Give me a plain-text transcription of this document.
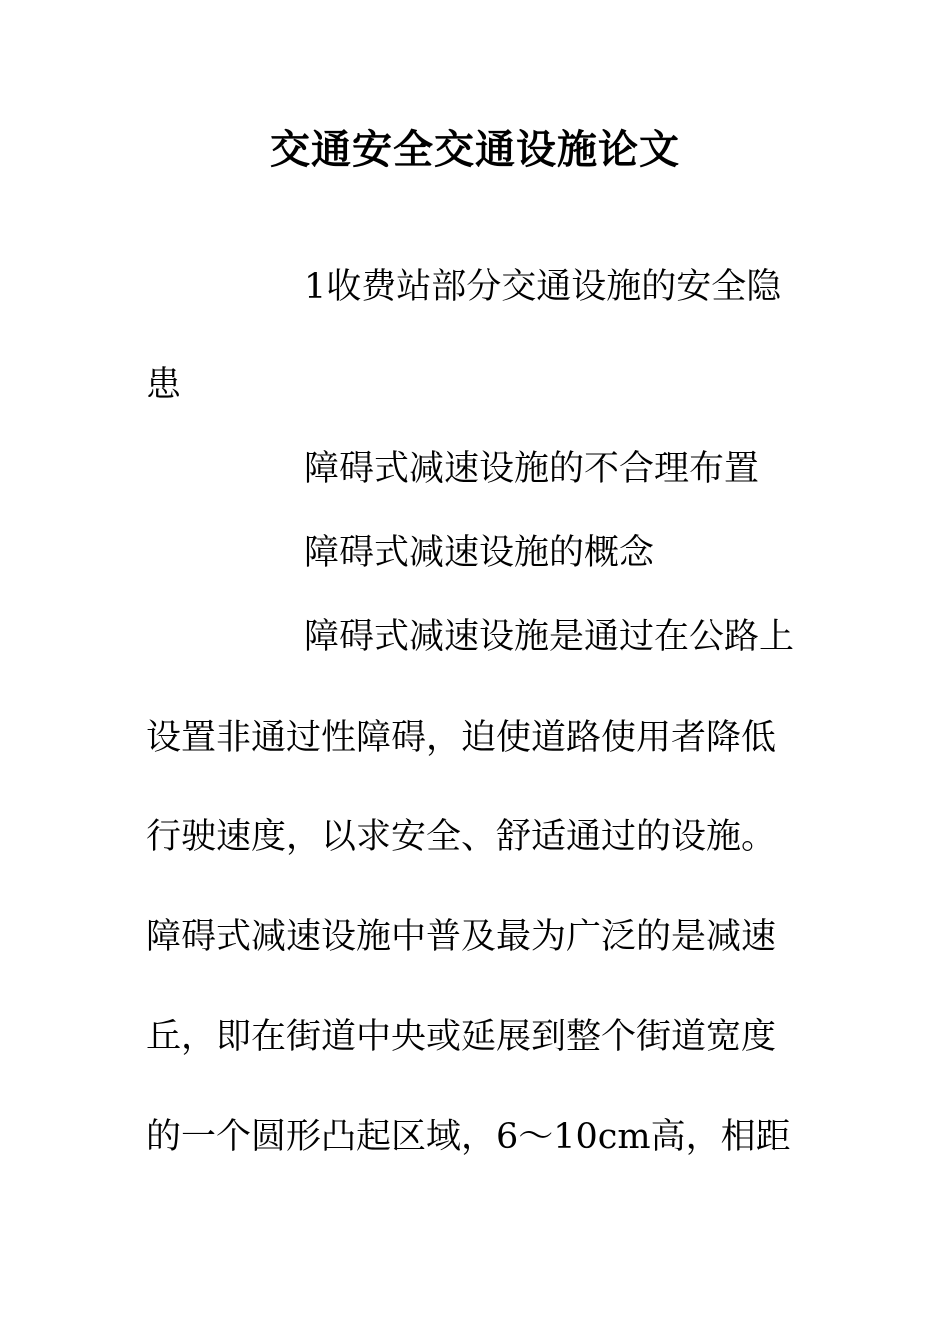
交通安全交通设施论文
1收费站部分交通设施的安全隐
患
障碍式减速设施的不合理布置
障碍式减速设施的概念
障碍式减速设施是通过在公路上
设置非通过性障碍，迫使道路使用者降低
行驶速度，以求安全、舒适通过的设施。
障碍式减速设施中普及最为广泛的是减速
丘，即在街道中央或延展到整个街道宽度
的一个圆形凸起区域，6～10cm高，相距
